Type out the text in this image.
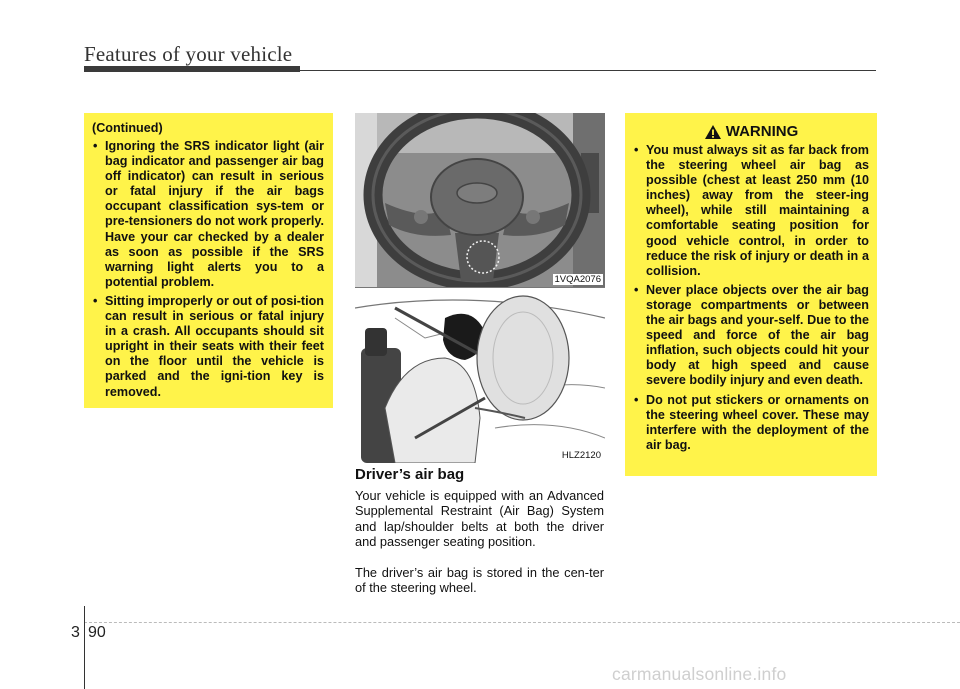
Features of your vehicle
(Continued)
• Ignoring the SRS indicator light (air bag indicator and passenger air bag off indicator) can result in serious or fatal injury if the air bags occupant classification sys-tem or pre-tensioners do not work properly. Have your car checked by a dealer as soon as possible if the SRS warning light alerts you to a potential problem.
• Sitting improperly or out of posi-tion can result in serious or fatal injury in a crash. All occupants should sit upright in their seats with their feet on the floor until the vehicle is parked and the igni-tion key is removed.
1VQA2076
HLZ2120
WARNING
• You must always sit as far back from the steering wheel air bag as possible (chest at least 250 mm (10 inches) away from the steer-ing wheel), while still maintaining a comfortable seating position for good vehicle control, in order to reduce the risk of injury or death in a collision.
• Never place objects over the air bag storage compartments or between the air bags and your-self. Due to the speed and force of the air bag inflation, such objects could hit your body at high speed and cause severe bodily injury and even death.
• Do not put stickers or ornaments on the steering wheel cover. These may interfere with the deployment of the air bag.
Driver’s air bag
Your vehicle is equipped with an Advanced Supplemental Restraint (Air Bag) System and lap/shoulder belts at both the driver and passenger seating position.
The driver’s air bag is stored in the cen-ter of the steering wheel.
3 90
carmanualsonline.info
